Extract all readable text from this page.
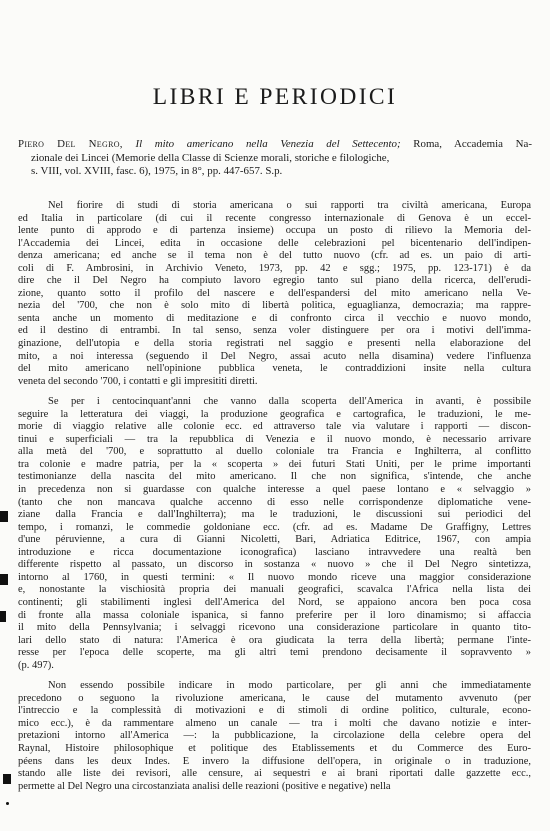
LIBRI E PERIODICI
Piero Del Negro, Il mito americano nella Venezia del Settecento; Roma, Accademia Na-
zionale dei Lincei (Memorie della Classe di Scienze morali, storiche e filologiche,
s. VIII, vol. XVIII, fasc. 6), 1975, in 8°, pp. 447-657. S.p.
Nel fiorire di studi di storia americana o sui rapporti tra civiltà americana, Europa
ed Italia in particolare (di cui il recente congresso internazionale di Genova è un eccel-
lente punto di approdo e di partenza insieme) occupa un posto di rilievo la Memoria del-
l'Accademia dei Lincei, edita in occasione delle celebrazioni pel bicentenario dell'indipen-
denza americana; ed anche se il tema non è del tutto nuovo (cfr. ad es. un paio di arti-
coli di F. Ambrosini, in Archivio Veneto, 1973, pp. 42 e sgg.; 1975, pp. 123-171) è da
dire che il Del Negro ha compiuto lavoro egregio tanto sul piano della ricerca, dell'erudi-
zione, quanto sotto il profilo del nascere e dell'espandersi del mito americano nella Ve-
nezia del '700, che non è solo mito di libertà politica, eguaglianza, democrazia; ma rappre-
senta anche un momento di meditazione e di confronto circa il vecchio e nuovo mondo,
ed il destino di entrambi. In tal senso, senza voler distinguere per ora i motivi dell'imma-
ginazione, dell'utopia e della storia registrati nel saggio e presenti nella elaborazione del
mito, a noi interessa (seguendo il Del Negro, assai acuto nella disamina) vedere l'influenza
del mito americano nell'opinione pubblica veneta, le contraddizioni insite nella cultura
veneta del secondo '700, i contatti e gli impresititi diretti.
Se per i centocinquant'anni che vanno dalla scoperta dell'America in avanti, è possibile
seguire la letteratura dei viaggi, la produzione geografica e cartografica, le traduzioni, le me-
morie di viaggio relative alle colonie ecc. ed attraverso tale via valutare i rapporti — discon-
tinui e superficiali — tra la repubblica di Venezia e il nuovo mondo, è necessario arrivare
alla metà del '700, e soprattutto al duello coloniale tra Francia e Inghilterra, al conflitto
tra colonie e madre patria, per la « scoperta » dei futuri Stati Uniti, per le prime importanti
testimonianze della nascita del mito americano. Il che non significa, s'intende, che anche
in precedenza non si guardasse con qualche interesse a quel paese lontano e « selvaggio »
(tanto che non mancava qualche accenno di esso nelle corrispondenze diplomatiche vene-
ziane dalla Francia e dall'Inghilterra); ma le traduzioni, le discussioni sui periodici del
tempo, i romanzi, le commedie goldoniane ecc. (cfr. ad es. Madame De Graffigny, Lettres
d'une péruvienne, a cura di Gianni Nicoletti, Bari, Adriatica Editrice, 1967, con ampia
introduzione e ricca documentazione iconografica) lasciano intravvedere una realtà ben
differente rispetto al passato, un discorso in sostanza « nuovo » che il Del Negro sintetizza,
intorno al 1760, in questi termini: « Il nuovo mondo riceve una maggior considerazione
e, nonostante la vischiosità propria dei manuali geografici, scavalca l'Africa nella lista dei
continenti; gli stabilimenti inglesi dell'America del Nord, se appaiono ancora ben poca cosa
di fronte alla massa coloniale ispanica, si fanno preferire per il loro dinamismo; si affaccia
il mito della Pennsylvania; i selvaggi ricevono una considerazione particolare in quanto tito-
lari dello stato di natura: l'America è ora giudicata la terra della libertà; permane l'inte-
resse per l'epoca delle scoperte, ma gli altri temi prendono decisamente il sopravvento »
(p. 497).
Non essendo possibile indicare in modo particolare, per gli anni che immediatamente
precedono o seguono la rivoluzione americana, le cause del mutamento avvenuto (per
l'intreccio e la complessità di motivazioni e di stimoli di ordine politico, culturale, econo-
mico ecc.), è da rammentare almeno un canale — tra i molti che davano notizie e inter-
pretazioni intorno all'America —: la pubblicazione, la circolazione della celebre opera del
Raynal, Histoire philosophique et politique des Etablissements et du Commerce des Euro-
péens dans les deux Indes. E invero la diffusione dell'opera, in originale o in traduzione,
stando alle liste dei revisori, alle censure, ai sequestri e ai brani riportati dalle gazzette ecc.,
permette al Del Negro una circostanziata analisi delle reazioni (positive e negative) nella
